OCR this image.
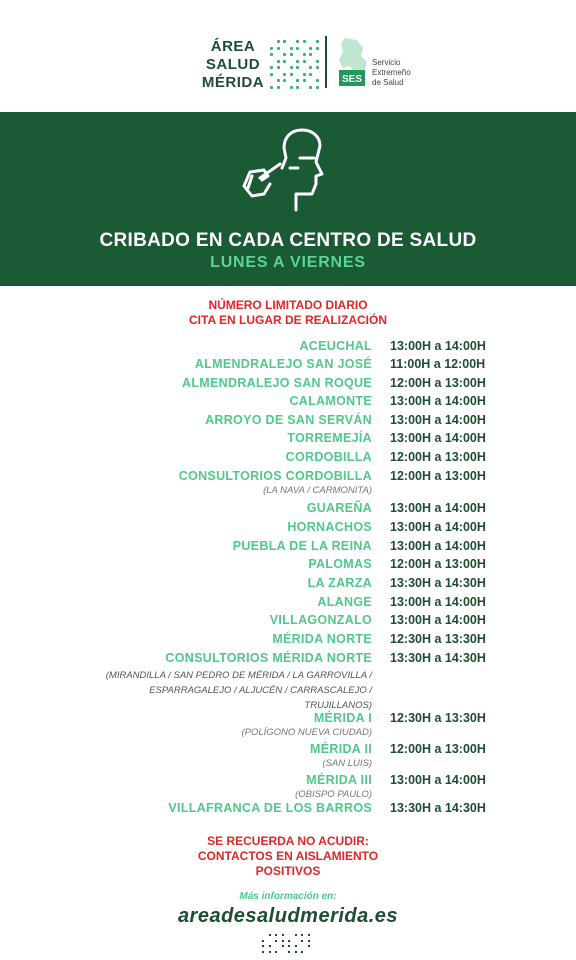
ÁREA
SALUD
MÉRIDA	SES
Servicio
Extremeño
de Salud
CRIBADO EN CADA CENTRO DE SALUD
LUNES A VIERNES
NÚMERO LIMITADO DIARIO
CITA EN LUGAR DE REALIZACIÓN
ACEUCHAL 13:00H a 14:00H
ALMENDRALEJO SAN JOSÉ 11:00H a 12:00H
ALMENDRALEJO SAN ROQUE 12:00H a 13:00H
CALAMONTE 13:00H a 14:00H
ARROYO DE SAN SERVÁN 13:00H a 14:00H
TORREMEJÍA 13:00H a 14:00H
CORDOBILLA 12:00H a 13:00H
CONSULTORIOS CORDOBILLA 12:00H a 13:00H
(LA NAVA / CARMONITA)
GUAREÑA 13:00H a 14:00H
HORNACHOS 13:00H a 14:00H
PUEBLA DE LA REINA 13:00H a 14:00H
PALOMAS 12:00H a 13:00H
LA ZARZA 13:30H a 14:30H
ALANGE 13:00H a 14:00H
VILLAGONZALO 13:00H a 14:00H
MÉRIDA NORTE 12:30H a 13:30H
CONSULTORIOS MÉRIDA NORTE 13:30H a 14:30H
(MIRANDILLA / SAN PEDRO DE MÉRIDA / LA GARROVILLA /
ESPARRAGALEJO / ALJUCÉN / CARRASCALEJO /
TRUJILLANOS)
MÉRIDA I 12:30H a 13:30H
(POLÍGONO NUEVA CIUDAD)
MÉRIDA II 12:00H a 13:00H
(SAN LUIS)
MÉRIDA III 13:00H a 14:00H
(OBISPO PAULO)
VILLAFRANCA DE LOS BARROS 13:30H a 14:30H
SE RECUERDA NO ACUDIR:
CONTACTOS EN AISLAMIENTO
POSITIVOS
Más información en:
areadesaludmerida.es
